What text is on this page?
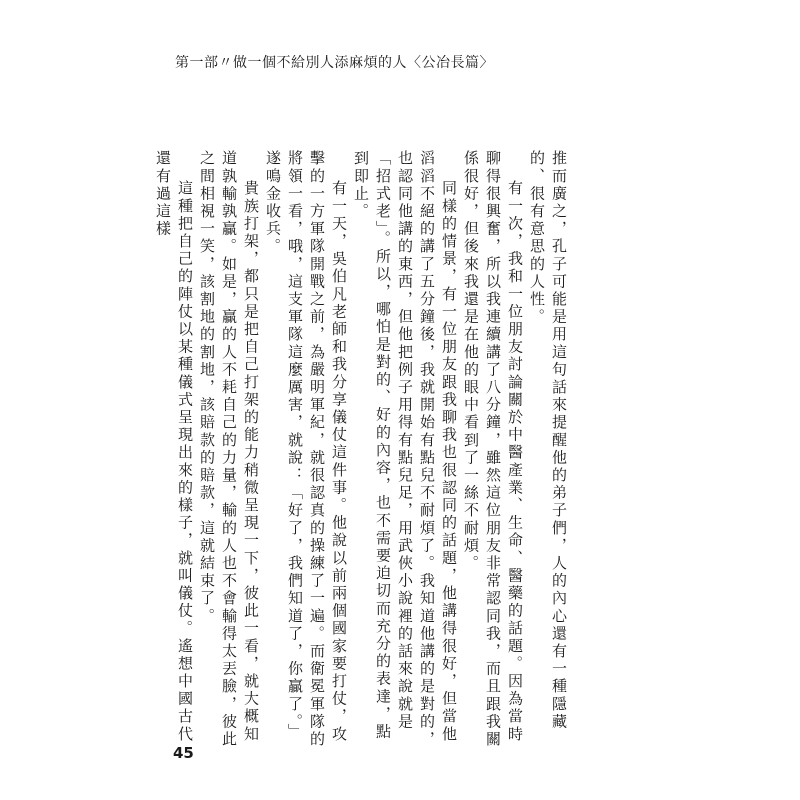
第一部〃做一個不給別人添麻煩的人〈公冶長篇〉

推而廣之，孔子可能是用這句話來提醒他的弟子們，人的內心還有一種隱藏的、很有意思的人性。

有一次，我和一位朋友討論關於中醫產業、生命、醫藥的話題。因為當時聊得很興奮，所以我連續講了八分鐘，雖然這位朋友非常認同我，而且跟我關係很好，但後來我還是在他的眼中看到了一絲不耐煩。

同樣的情景，有一位朋友跟我聊我也很認同的話題，他講得很好，但當他滔滔不絕的講了五分鐘後，我就開始有點兒不耐煩了。我知道他講的是對的，也認同他講的東西，但他把例子用得有點兒足，用武俠小說裡的話來說就是「招式老」。所以，哪怕是對的、好的內容，也不需要迫切而充分的表達，點到即止。

有一天，吳伯凡老師和我分享儀仗這件事。他說以前兩個國家要打仗，攻擊的一方軍隊開戰之前，為嚴明軍紀，就很認真的操練了一遍。而衛冕軍隊的將領一看，哦，這支軍隊這麼厲害，就說：「好了，我們知道了，你贏了。」遂鳴金收兵。

貴族打架，都只是把自己打架的能力稍微呈現一下，彼此一看，就大概知道孰輸孰贏。如是，贏的人不耗自己的力量，輸的人也不會輸得太丟臉，彼此之間相視一笑，該割地的割地，該賠款的賠款，這就結束了。

這種把自己的陣仗以某種儀式呈現出來的樣子，就叫儀仗。遙想中國古代還有過這樣

45
